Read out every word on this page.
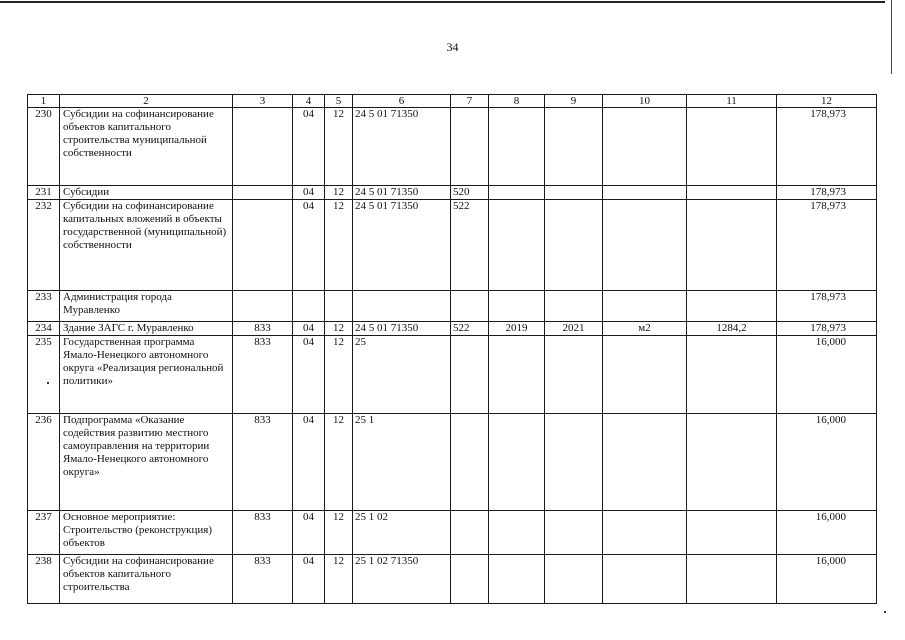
34
1	2	3	4	5	6	7	8	9	10	11	12
230	Субсидии на софинансирование объектов капитального строительства муниципальной собственности		04	12	24 5 01 71350						178,973
231	Субсидии		04	12	24 5 01 71350	520					178,973
232	Субсидии на софинансирование капитальных вложений в объекты государственной (муниципальной) собственности		04	12	24 5 01 71350	522					178,973
233	Администрация города Муравленко										178,973
234	Здание ЗАГС г. Муравленко	833	04	12	24 5 01 71350	522	2019	2021	м2	1284,2	178,973
235	Государственная программа Ямало-Ненецкого автономного округа «Реализация региональной политики»	833	04	12	25						16,000
236	Подпрограмма «Оказание содействия развитию местного самоуправления на территории Ямало-Ненецкого автономного округа»	833	04	12	25 1						16,000
237	Основное мероприятие: Строительство (реконструкция) объектов	833	04	12	25 1 02						16,000
238	Субсидии на софинансирование объектов капитального строительства	833	04	12	25 1 02 71350						16,000
